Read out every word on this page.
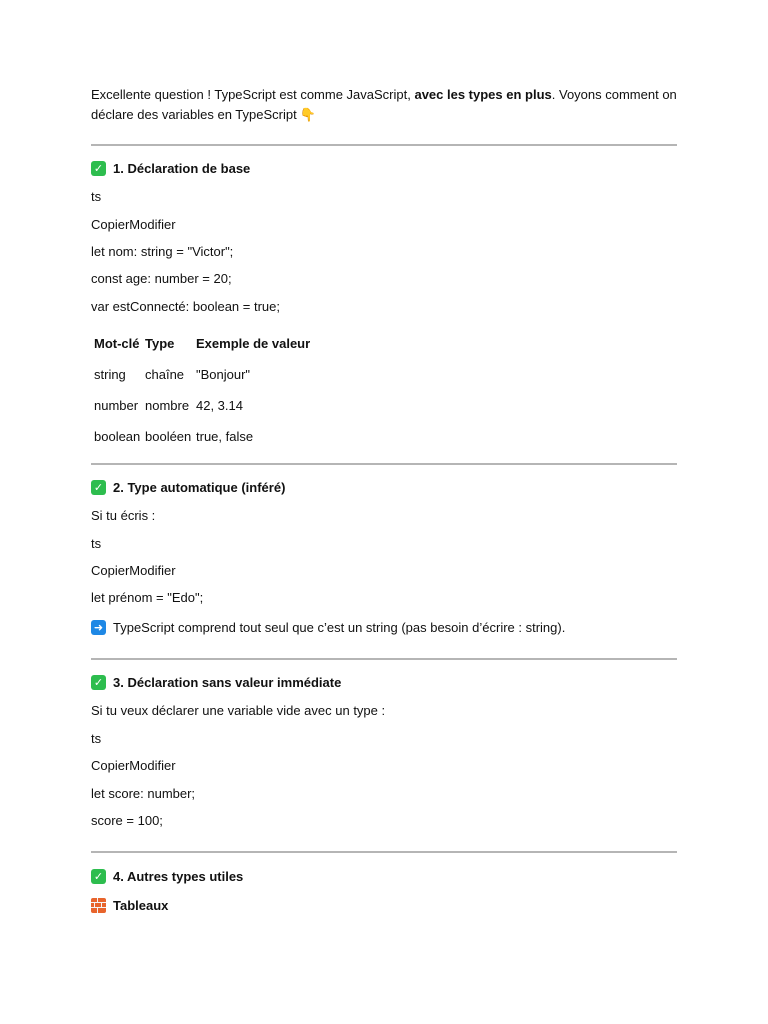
Excellente question ! TypeScript est comme JavaScript, avec les types en plus. Voyons comment on déclare des variables en TypeScript 👇
✓ 1. Déclaration de base
ts
CopierModifier
let nom: string = "Victor";
const age: number = 20;
var estConnecté: boolean = true;
Mot-clé Type	Exemple de valeur
string	chaîne "Bonjour"
number nombre 42, 3.14
boolean booléen true, false
✓ 2. Type automatique (inféré)
Si tu écris :
ts
CopierModifier
let prénom = "Edo";
➜ TypeScript comprend tout seul que c’est un string (pas besoin d’écrire : string).
✓ 3. Déclaration sans valeur immédiate
Si tu veux déclarer une variable vide avec un type :
ts
CopierModifier
let score: number;
score = 100;
✓ 4. Autres types utiles
Tableaux
